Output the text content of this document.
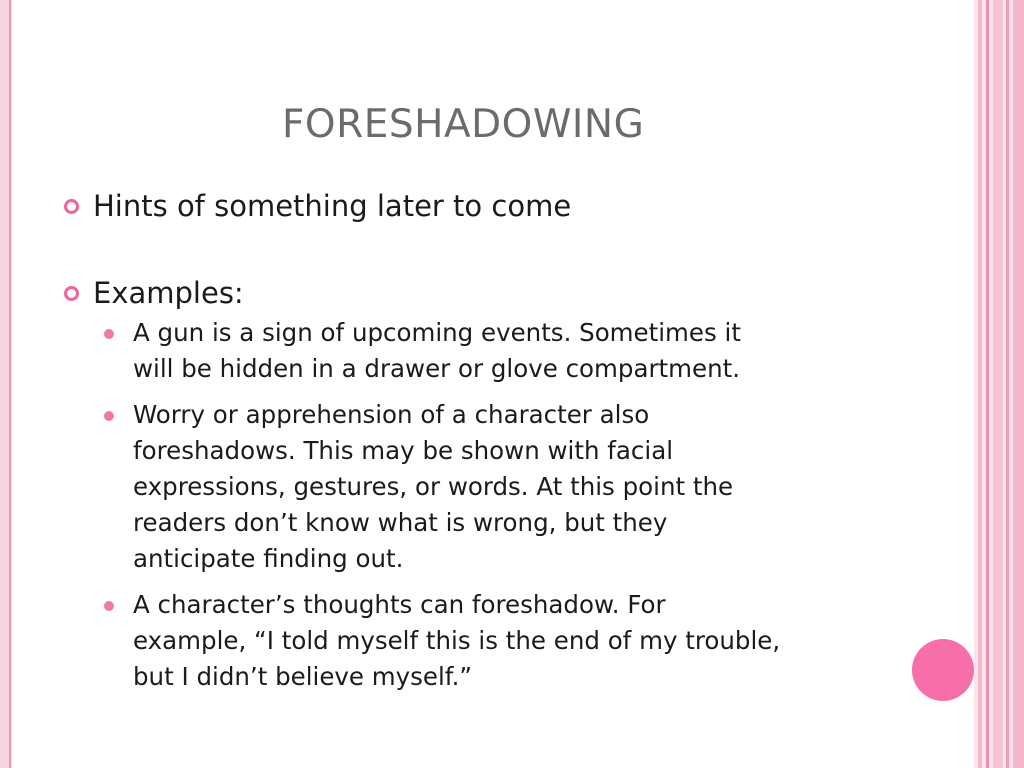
FORESHADOWING
Hints of something later to come
Examples:
A gun is a sign of upcoming events. Sometimes it
will be hidden in a drawer or glove compartment.
Worry or apprehension of a character also
foreshadows. This may be shown with facial
expressions, gestures, or words. At this point the
readers don’t know what is wrong, but they
anticipate finding out.
A character’s thoughts can foreshadow. For
example, “I told myself this is the end of my trouble,
but I didn’t believe myself.”
